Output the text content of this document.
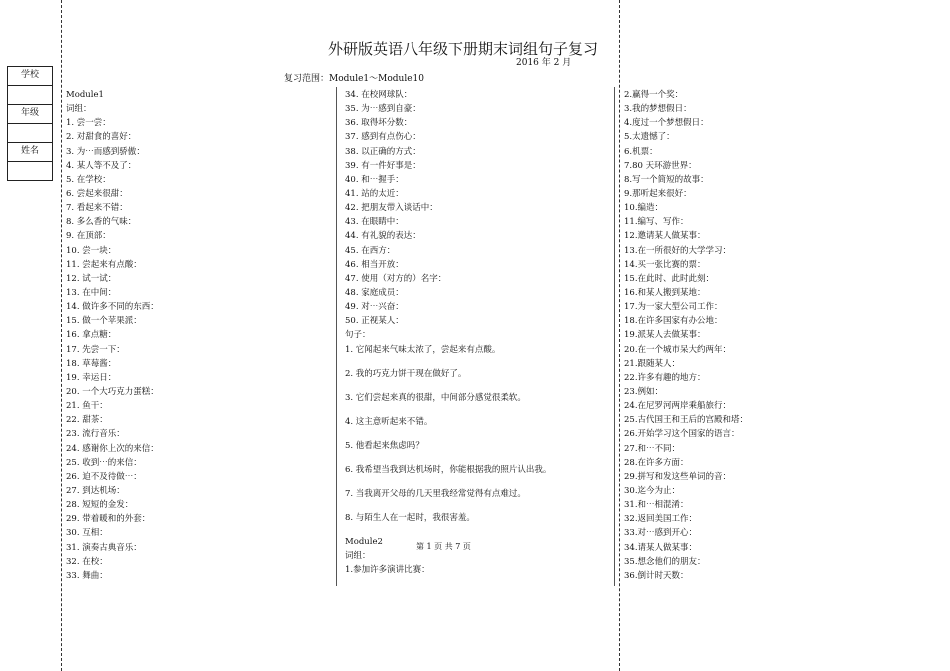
学校
年级
姓名
外研版英语八年级下册期末词组句子复习
2016 年 2 月
复习范围：Module1〜Module10
Module1
词组：
1. 尝一尝：
2. 对甜食的喜好：
3. 为⋯而感到骄傲：
4. 某人等不及了：
5. 在学校：
6. 尝起来很甜：
7. 看起来不错：
8. 多么香的气味：
9. 在顶部：
10. 尝一块：
11. 尝起来有点酸：
12. 试一试：
13. 在中间：
14. 做许多不同的东西：
15. 做一个苹果派：
16. 拿点糖：
17. 先尝一下：
18. 草莓酱：
19. 幸运日：
20. 一个大巧克力蛋糕：
21. 鱼干：
22. 甜茶：
23. 流行音乐：
24. 感谢你上次的来信：
25. 收到⋯的来信：
26. 迫不及待做⋯：
27. 到达机场：
28. 短短的金发：
29. 带着暖和的外套：
30. 互相：
31. 演奏古典音乐：
32. 在校：
33. 舞曲：
34. 在校网球队：
35. 为⋯感到自豪：
36. 取得坏分数：
37. 感到有点伤心：
38. 以正确的方式：
39. 有一件好事是：
40. 和⋯握手：
41. 站的太近：
42. 把朋友带入谈话中：
43. 在眼睛中：
44. 有礼貌的表达：
45. 在西方：
46. 相当开放：
47. 使用（对方的）名字：
48. 家庭成员：
49. 对⋯兴奋：
50. 正视某人：
句子：
1. 它闻起来气味太浓了，尝起来有点酸。
2. 我的巧克力饼干现在做好了。
3. 它们尝起来真的很甜，中间部分感觉很柔软。
4. 这主意听起来不错。
5. 他看起来焦虑吗？
6. 我希望当我到达机场时，你能根据我的照片认出我。
7. 当我离开父母的几天里我经常觉得有点难过。
8. 与陌生人在一起时，我很害羞。
Module2
词组：
1.参加许多演讲比赛：
2.赢得一个奖：
3.我的梦想假日：
4.度过一个梦想假日：
5.太遗憾了：
6.机票：
7.80 天环游世界：
8.写一个简短的故事：
9.那听起来很好：
10.编造：
11.编写、写作：
12.邀请某人做某事：
13.在一所很好的大学学习：
14.买一张比赛的票：
15.在此时、此时此刻：
16.和某人搬到某地：
17.为一家大型公司工作：
18.在许多国家有办公地：
19.派某人去做某事：
20.在一个城市呆大约两年：
21.跟随某人：
22.许多有趣的地方：
23.例如：
24.在尼罗河两岸乘船旅行：
25.古代国王和王后的宫殿和塔：
26.开始学习这个国家的语言：
27.和⋯不同：
28.在许多方面：
29.拼写和发这些单词的音：
30.迄今为止：
31.和⋯相混淆：
32.返回美国工作：
33.对⋯感到开心：
34.请某人做某事：
35.想念他们的朋友：
36.倒计时天数：
第 1 页 共 7 页
